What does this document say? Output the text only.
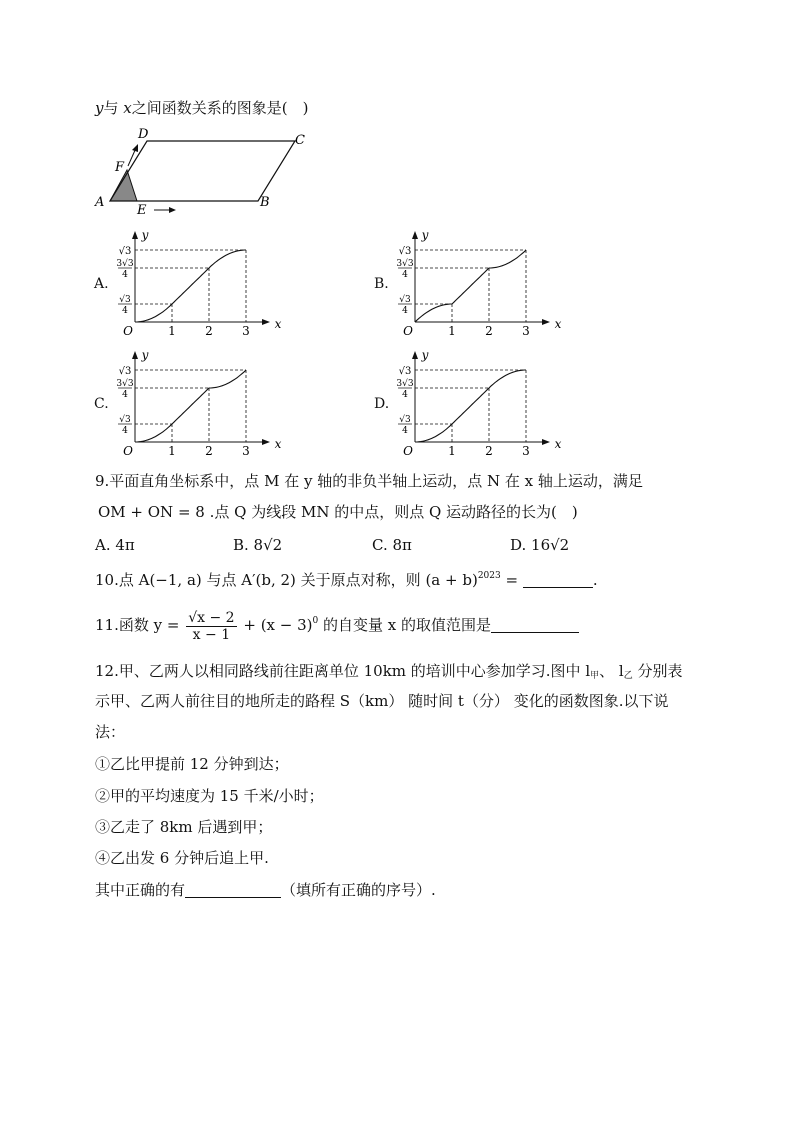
y与 x之间函数关系的图象是( )
A	B
C
D
E
F
A.
y
x
O	1 2 3
√3
3√3
4
√3
4
B.
y
x
O	1 2 3
√3
3√3
4
√3
4
C.
y
x
O	1 2 3
√3
3√3
4
√3
4
D.
y
x
O	1 2 3
√3
3√3
4
√3
4
9.平面直角坐标系中，点 M 在 y 轴的非负半轴上运动，点 N 在 x 轴上运动，满足
OM + ON = 8 .点 Q 为线段 MN 的中点，则点 Q 运动路径的长为( )
A. 4π	B. 8√2	C. 8π	D. 16√2
10.点 A(−1, a) 与点 A′(b, 2) 关于原点对称，则 $(a + b)^{2023}$ =	.
11.函数 $y = \frac{√x - 2}{x - 1} + (x - 3)^0$ 的自变量 x 的取值范围是
12.甲、乙两人以相同路线前往距离单位 10km 的培训中心参加学习.图中 $l_甲$、 $l_乙$ 分别表
示甲、乙两人前往目的地所走的路程 S（km） 随时间 t（分） 变化的函数图象.以下说
法：
①乙比甲提前 12 分钟到达；
②甲的平均速度为 15 千米/小时；
③乙走了 8km 后遇到甲；
④乙出发 6 分钟后追上甲.
其中正确的有	（填所有正确的序号）.
